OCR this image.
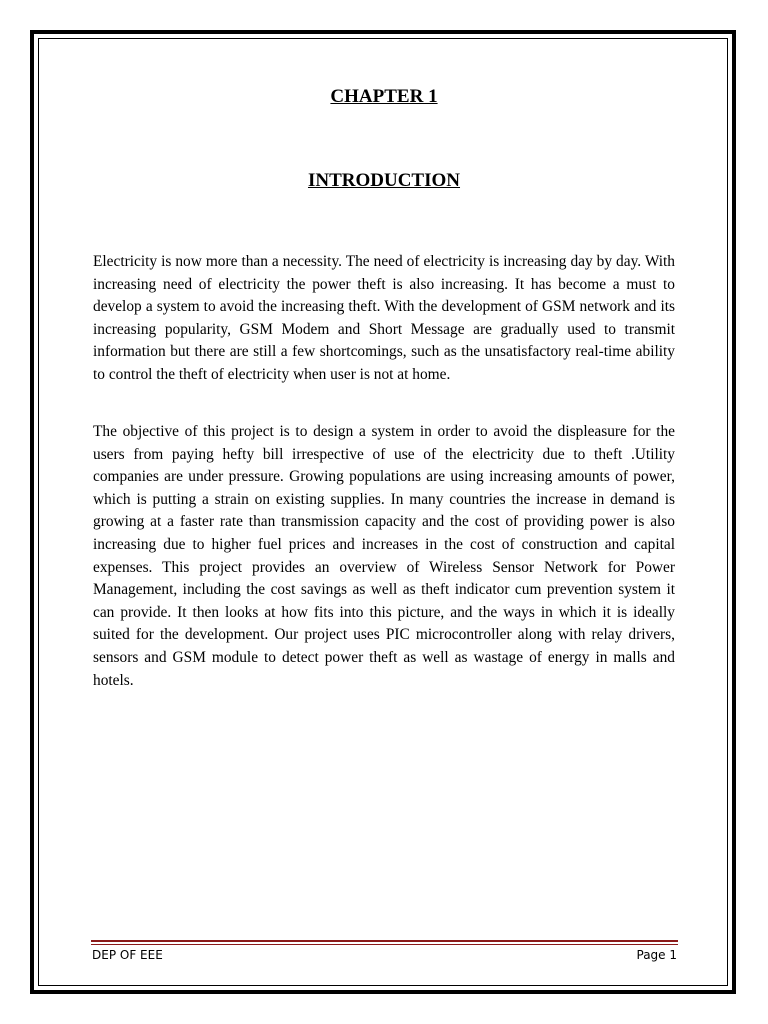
CHAPTER 1
INTRODUCTION

Electricity is now more than a necessity. The need of electricity is increasing day by day. With increasing need of electricity the power theft is also increasing. It has become a must to develop a system to avoid the increasing theft. With the development of GSM network and its increasing popularity, GSM Modem and Short Message are gradually used to transmit information but there are still a few shortcomings, such as the unsatisfactory real-time ability to control the theft of electricity when user is not at home.

The objective of this project is to design a system in order to avoid the displeasure for the users from paying hefty bill irrespective of use of the electricity due to theft .Utility companies are under pressure. Growing populations are using increasing amounts of power, which is putting a strain on existing supplies. In many countries the increase in demand is growing at a faster rate than transmission capacity and the cost of providing power is also increasing due to higher fuel prices and increases in the cost of construction and capital expenses. This project provides an overview of Wireless Sensor Network for Power Management, including the cost savings as well as theft indicator cum prevention system it can provide. It then looks at how fits into this picture, and the ways in which it is ideally suited for the development. Our project uses PIC microcontroller along with relay drivers, sensors and GSM module to detect power theft as well as wastage of energy in malls and hotels.

DEP OF EEE	Page 1
